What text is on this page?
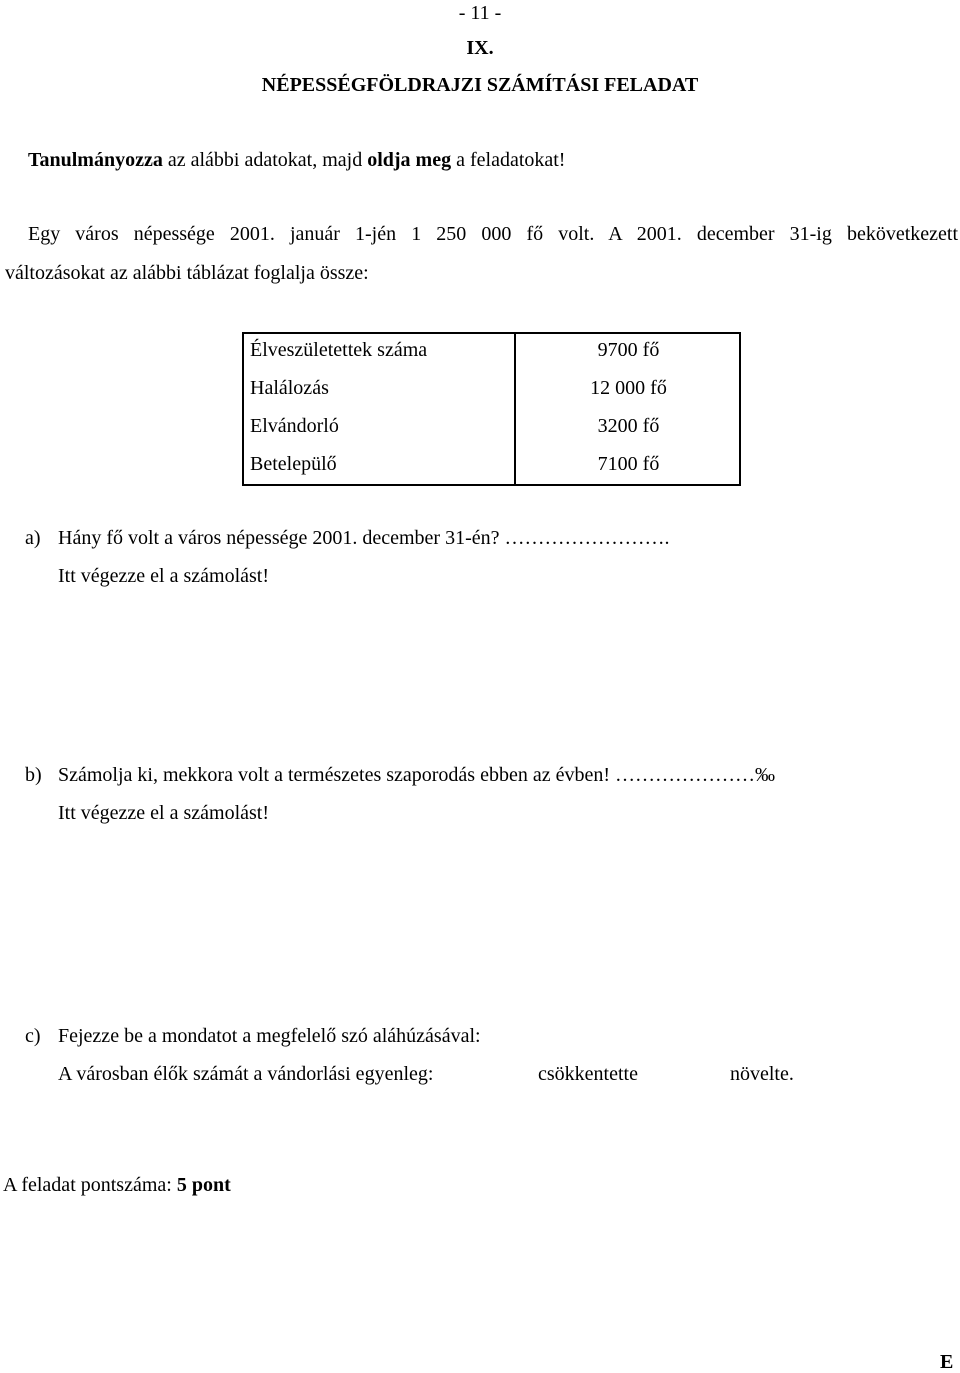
- 11 -
IX.
NÉPESSÉGFÖLDRAJZI SZÁMÍTÁSI FELADAT
Tanulmányozza az alábbi adatokat, majd oldja meg a feladatokat!
Egy város népessége 2001. január 1-jén 1 250 000 fő volt. A 2001. december 31-ig bekövetkezett
változásokat az alábbi táblázat foglalja össze:
Élveszületettek száma	9700 fő
Halálozás	12 000 fő
Elvándorló	3200 fő
Betelepülő	7100 fő
a) Hány fő volt a város népessége 2001. december 31-én? …………………….
Itt végezze el a számolást!
b) Számolja ki, mekkora volt a természetes szaporodás ebben az évben! …………………‰
Itt végezze el a számolást!
c) Fejezze be a mondatot a megfelelő szó aláhúzásával:
A városban élők számát a vándorlási egyenleg:	csökkentette	növelte.
A feladat pontszáma: 5 pont
E
